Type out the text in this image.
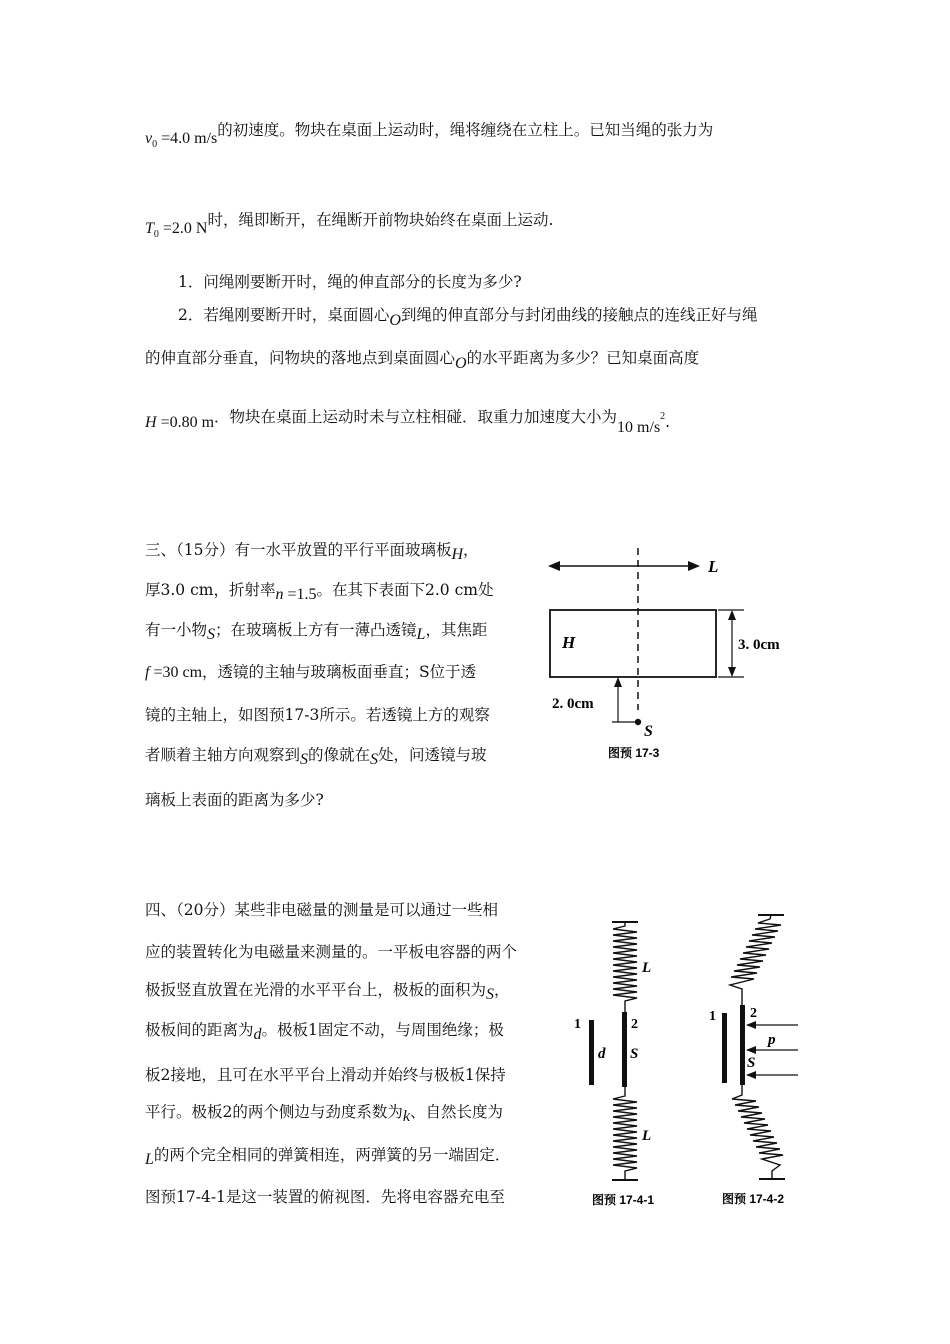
$v_0 =4.0$ m/s的初速度。物块在桌面上运动时，绳将缠绕在立柱上。已知当绳的张力为
$T_0 =2.0$ N时，绳即断开，在绳断开前物块始终在桌面上运动.
1．问绳刚要断开时，绳的伸直部分的长度为多少?
2．若绳刚要断开时，桌面圆心O到绳的伸直部分与封闭曲线的接触点的连线正好与绳
的伸直部分垂直，问物块的落地点到桌面圆心O的水平距离为多少？已知桌面高度
H =0.80 m．物块在桌面上运动时未与立柱相碰．取重力加速度大小为10 $m/s^2$.
三、（15分）有一水平放置的平行平面玻璃板H，
厚3.0 cm，折射率n =1.5。在其下表面下2.0 cm处
有一小物S；在玻璃板上方有一薄凸透镜L，其焦距
f =30 cm，透镜的主轴与玻璃板面垂直；S位于透
镜的主轴上，如图预17-3所示。若透镜上方的观察
者顺着主轴方向观察到S的像就在S处，问透镜与玻
璃板上表面的距离为多少?
L
H	3. 0cm
2. 0cm
S
图预 17-3
四、（20分）某些非电磁量的测量是可以通过一些相
应的装置转化为电磁量来测量的。一平板电容器的两个
极扳竖直放置在光滑的水平平台上，极板的面积为S，
极板间的距离为d。极板1固定不动，与周围绝缘；极
板2接地，且可在水平平台上滑动并始终与极板1保持
平行。极板2的两个侧边与劲度系数为k、自然长度为
L的两个完全相同的弹簧相连，两弹簧的另一端固定．
图预17-4-1是这一装置的俯视图．先将电容器充电至
L
1	2
d S
L
图预 17-4-1
1 2
p
S
图预 17-4-2
